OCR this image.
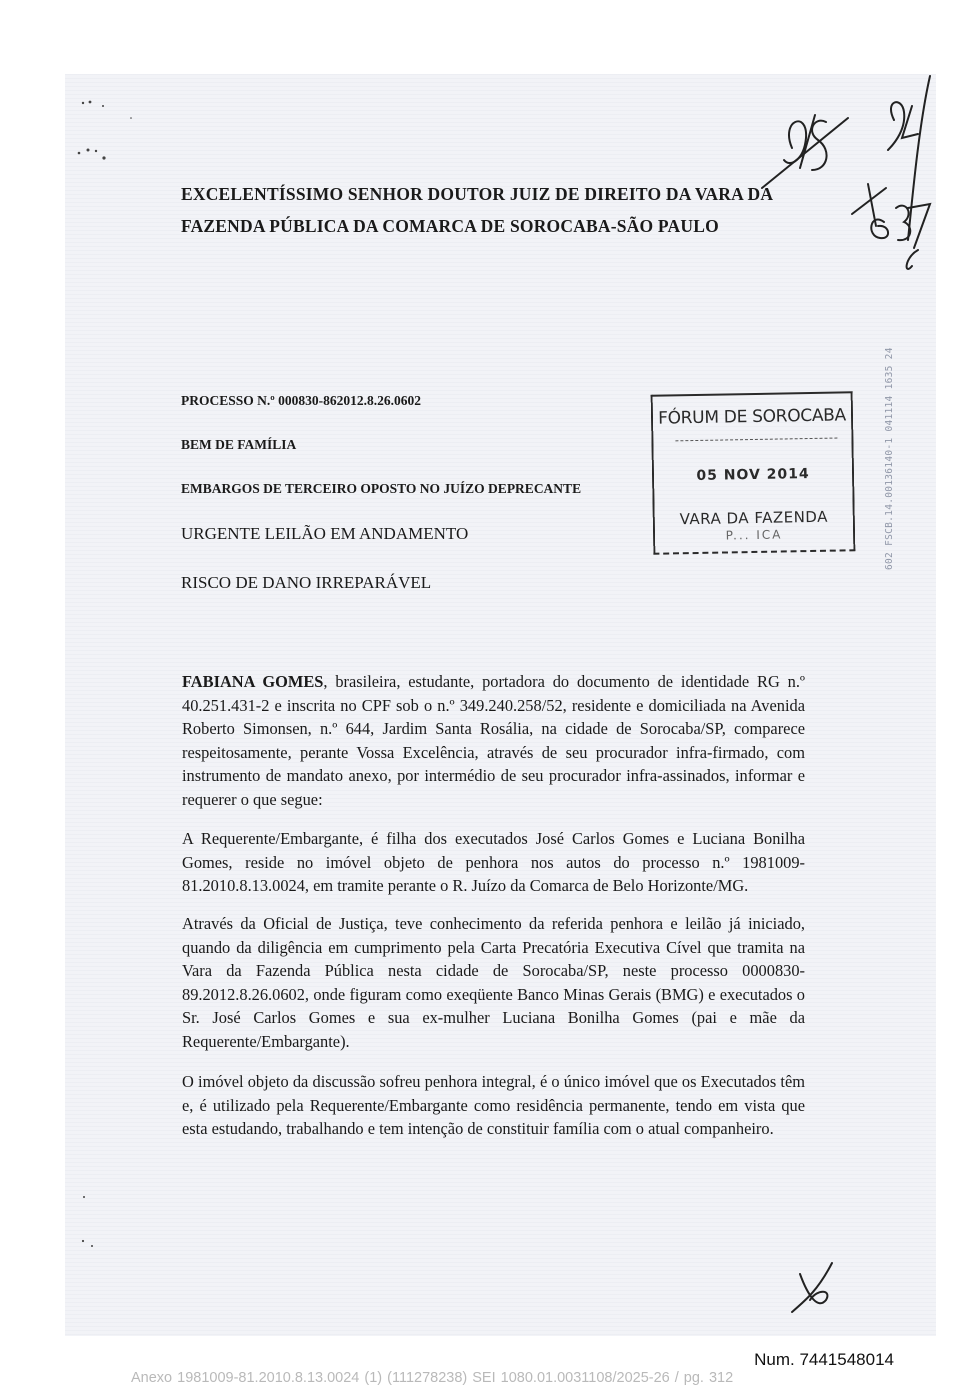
EXCELENTÍSSIMO SENHOR DOUTOR JUIZ DE DIREITO DA VARA DA
FAZENDA PÚBLICA DA COMARCA DE SOROCABA-SÃO PAULO
PROCESSO N.º 000830-862012.8.26.0602
BEM DE FAMÍLIA
EMBARGOS DE TERCEIRO OPOSTO NO JUÍZO DEPRECANTE
URGENTE LEILÃO EM ANDAMENTO
RISCO DE DANO IRREPARÁVEL
FÓRUM DE SOROCABA
05 NOV 2014
VARA DA FAZENDA
P... ICA	602 FSCB.14.00136140-1 041114 1635 24

FABIANA GOMES, brasileira, estudante, portadora do documento de identidade RG n.º 40.251.431-2 e inscrita no CPF sob o n.º 349.240.258/52, residente e domiciliada na Avenida Roberto Simonsen, n.º 644, Jardim Santa Rosália, na cidade de Sorocaba/SP, comparece respeitosamente, perante Vossa Excelência, através de seu procurador infra-firmado, com instrumento de mandato anexo, por intermédio de seu procurador infra-assinados, informar e requerer o que segue:

A Requerente/Embargante, é filha dos executados José Carlos Gomes e Luciana Bonilha Gomes, reside no imóvel objeto de penhora nos autos do processo n.º 1981009-81.2010.8.13.0024, em tramite perante o R. Juízo da Comarca de Belo Horizonte/MG.

Através da Oficial de Justiça, teve conhecimento da referida penhora e leilão já iniciado, quando da diligência em cumprimento pela Carta Precatória Executiva Cível que tramita na Vara da Fazenda Pública nesta cidade de Sorocaba/SP, neste processo 0000830-89.2012.8.26.0602, onde figuram como exeqüente Banco Minas Gerais (BMG) e executados o Sr. José Carlos Gomes e sua ex-mulher Luciana Bonilha Gomes (pai e mãe da Requerente/Embargante).

O imóvel objeto da discussão sofreu penhora integral, é o único imóvel que os Executados têm e, é utilizado pela Requerente/Embargante como residência permanente, tendo em vista que esta estudando, trabalhando e tem intenção de constituir família com o atual companheiro.

Num. 7441548014
Anexo 1981009-81.2010.8.13.0024 (1) (111278238) SEI 1080.01.0031108/2025-26 / pg. 312
